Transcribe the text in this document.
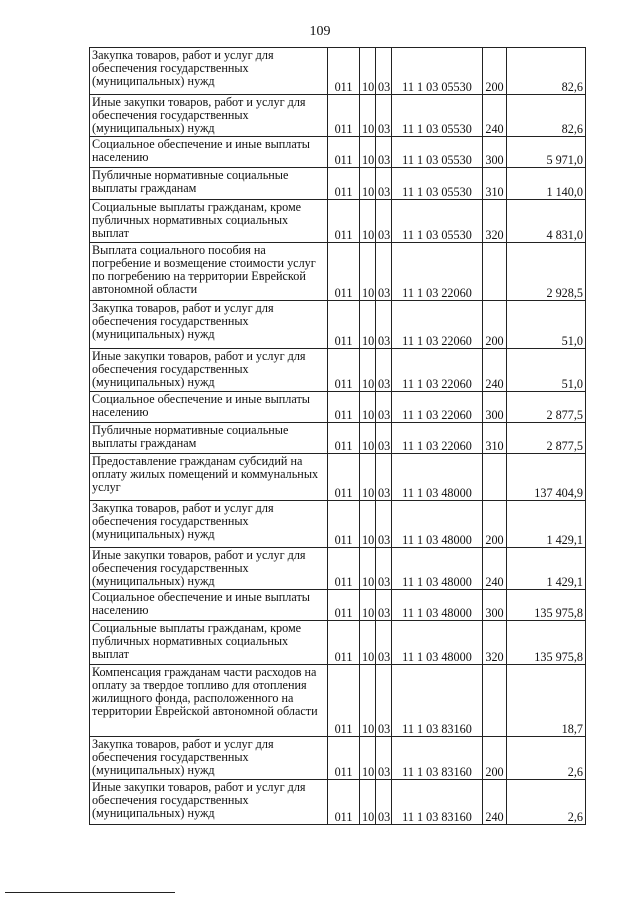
109
Закупка товаров, работ и услуг для обеспечения государственных (муниципальных) нужд	011	10	03	11 1 03 05530	200	82,6
Иные закупки товаров, работ и услуг для обеспечения государственных (муниципальных) нужд	011	10	03	11 1 03 05530	240	82,6
Социальное обеспечение и иные выплаты населению	011	10	03	11 1 03 05530	300	5 971,0
Публичные нормативные социальные выплаты гражданам	011	10	03	11 1 03 05530	310	1 140,0
Социальные выплаты гражданам, кроме публичных нормативных социальных выплат	011	10	03	11 1 03 05530	320	4 831,0
Выплата социального пособия на погребение и возмещение стоимости услуг по погребению на территории Еврейской автономной области	011	10	03	11 1 03 22060		2 928,5
Закупка товаров, работ и услуг для обеспечения государственных (муниципальных) нужд	011	10	03	11 1 03 22060	200	51,0
Иные закупки товаров, работ и услуг для обеспечения государственных (муниципальных) нужд	011	10	03	11 1 03 22060	240	51,0
Социальное обеспечение и иные выплаты населению	011	10	03	11 1 03 22060	300	2 877,5
Публичные нормативные социальные выплаты гражданам	011	10	03	11 1 03 22060	310	2 877,5
Предоставление гражданам субсидий на оплату жилых помещений и коммунальных услуг	011	10	03	11 1 03 48000		137 404,9
Закупка товаров, работ и услуг для обеспечения государственных (муниципальных) нужд	011	10	03	11 1 03 48000	200	1 429,1
Иные закупки товаров, работ и услуг для обеспечения государственных (муниципальных) нужд	011	10	03	11 1 03 48000	240	1 429,1
Социальное обеспечение и иные выплаты населению	011	10	03	11 1 03 48000	300	135 975,8
Социальные выплаты гражданам, кроме публичных нормативных социальных выплат	011	10	03	11 1 03 48000	320	135 975,8
Компенсация гражданам части расходов на оплату за твердое топливо для отопления жилищного фонда, расположенного на территории Еврейской автономной области	011	10	03	11 1 03 83160		18,7
Закупка товаров, работ и услуг для обеспечения государственных (муниципальных) нужд	011	10	03	11 1 03 83160	200	2,6
Иные закупки товаров, работ и услуг для обеспечения государственных (муниципальных) нужд	011	10	03	11 1 03 83160	240	2,6
